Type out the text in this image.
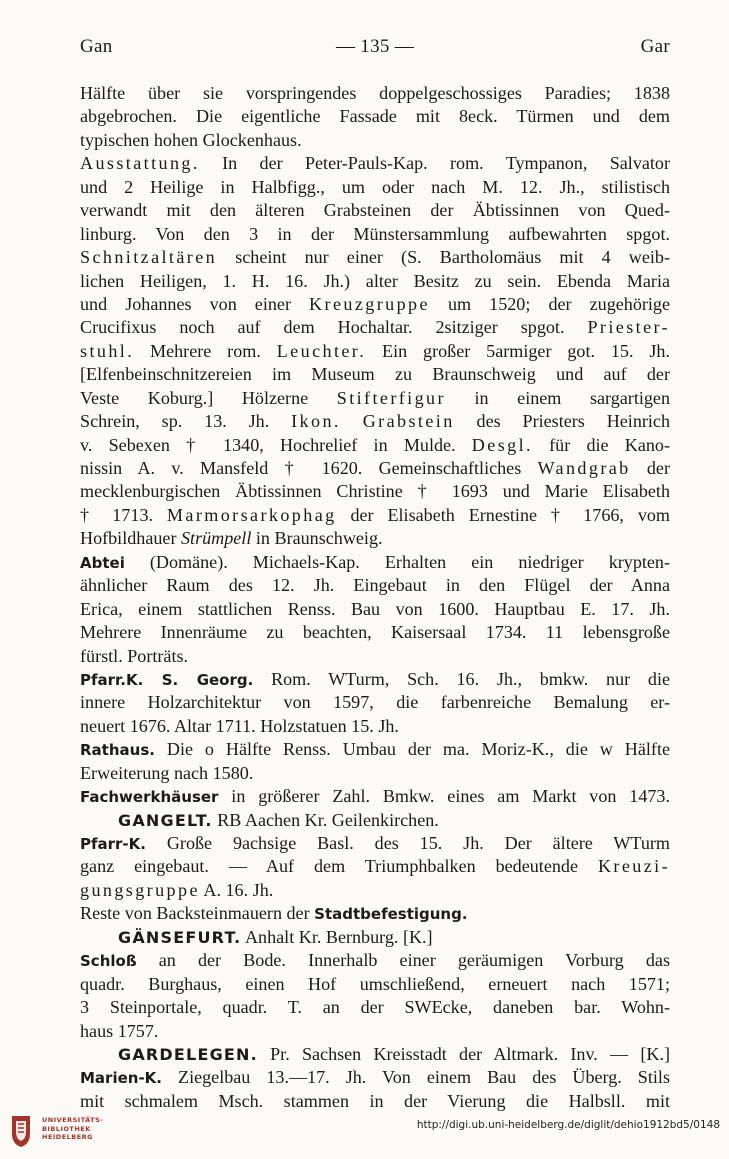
Gan	— 135 —	Gar
Hälfte über sie vorspringendes doppelgeschossiges Paradies; 1838
abgebrochen. Die eigentliche Fassade mit 8eck. Türmen und dem
typischen hohen Glockenhaus.
Ausstattung. In der Peter-Pauls-Kap. rom. Tympanon, Salvator
und 2 Heilige in Halbfigg., um oder nach M. 12. Jh., stilistisch
verwandt mit den älteren Grabsteinen der Äbtissinnen von Qued-
linburg. Von den 3 in der Münstersammlung aufbewahrten spgot.
Schnitzaltären scheint nur einer (S. Bartholomäus mit 4 weib-
lichen Heiligen, 1. H. 16. Jh.) alter Besitz zu sein. Ebenda Maria
und Johannes von einer Kreuzgruppe um 1520; der zugehörige
Crucifixus noch auf dem Hochaltar. 2sitziger spgot. Priester-
stuhl. Mehrere rom. Leuchter. Ein großer 5armiger got. 15. Jh.
[Elfenbeinschnitzereien im Museum zu Braunschweig und auf der
Veste Koburg.] Hölzerne Stifterfigur in einem sargartigen
Schrein, sp. 13. Jh. Ikon. Grabstein des Priesters Heinrich
v. Sebexen † 1340, Hochrelief in Mulde. Desgl. für die Kano-
nissin A. v. Mansfeld † 1620. Gemeinschaftliches Wandgrab der
mecklenburgischen Äbtissinnen Christine † 1693 und Marie Elisabeth
† 1713. Marmorsarkophag der Elisabeth Ernestine † 1766, vom
Hofbildhauer Strümpell in Braunschweig.
Abtei (Domäne). Michaels-Kap. Erhalten ein niedriger krypten-
ähnlicher Raum des 12. Jh. Eingebaut in den Flügel der Anna
Erica, einem stattlichen Renss. Bau von 1600. Hauptbau E. 17. Jh.
Mehrere Innenräume zu beachten, Kaisersaal 1734. 11 lebensgroße
fürstl. Porträts.
Pfarr.K. S. Georg. Rom. WTurm, Sch. 16. Jh., bmkw. nur die
innere Holzarchitektur von 1597, die farbenreiche Bemalung er-
neuert 1676. Altar 1711. Holzstatuen 15. Jh.
Rathaus. Die o Hälfte Renss. Umbau der ma. Moriz-K., die w Hälfte
Erweiterung nach 1580.
Fachwerkhäuser in größerer Zahl. Bmkw. eines am Markt von 1473.
GANGELT. RB Aachen Kr. Geilenkirchen.
Pfarr-K. Große 9achsige Basl. des 15. Jh. Der ältere WTurm
ganz eingebaut. — Auf dem Triumphbalken bedeutende Kreuzi-
gungsgruppe A. 16. Jh.
Reste von Backsteinmauern der Stadtbefestigung.
GÄNSEFURT. Anhalt Kr. Bernburg. [K.]
Schloß an der Bode. Innerhalb einer geräumigen Vorburg das
quadr. Burghaus, einen Hof umschließend, erneuert nach 1571;
3 Steinportale, quadr. T. an der SWEcke, daneben bar. Wohn-
haus 1757.
GARDELEGEN. Pr. Sachsen Kreisstadt der Altmark. Inv. — [K.]
Marien-K. Ziegelbau 13.—17. Jh. Von einem Bau des Überg. Stils
mit schmalem Msch. stammen in der Vierung die Halbsll. mit
UNIVERSITÄTS-
BIBLIOTHEK
HEIDELBERG
http://digi.ub.uni-heidelberg.de/diglit/dehio1912bd5/0148
